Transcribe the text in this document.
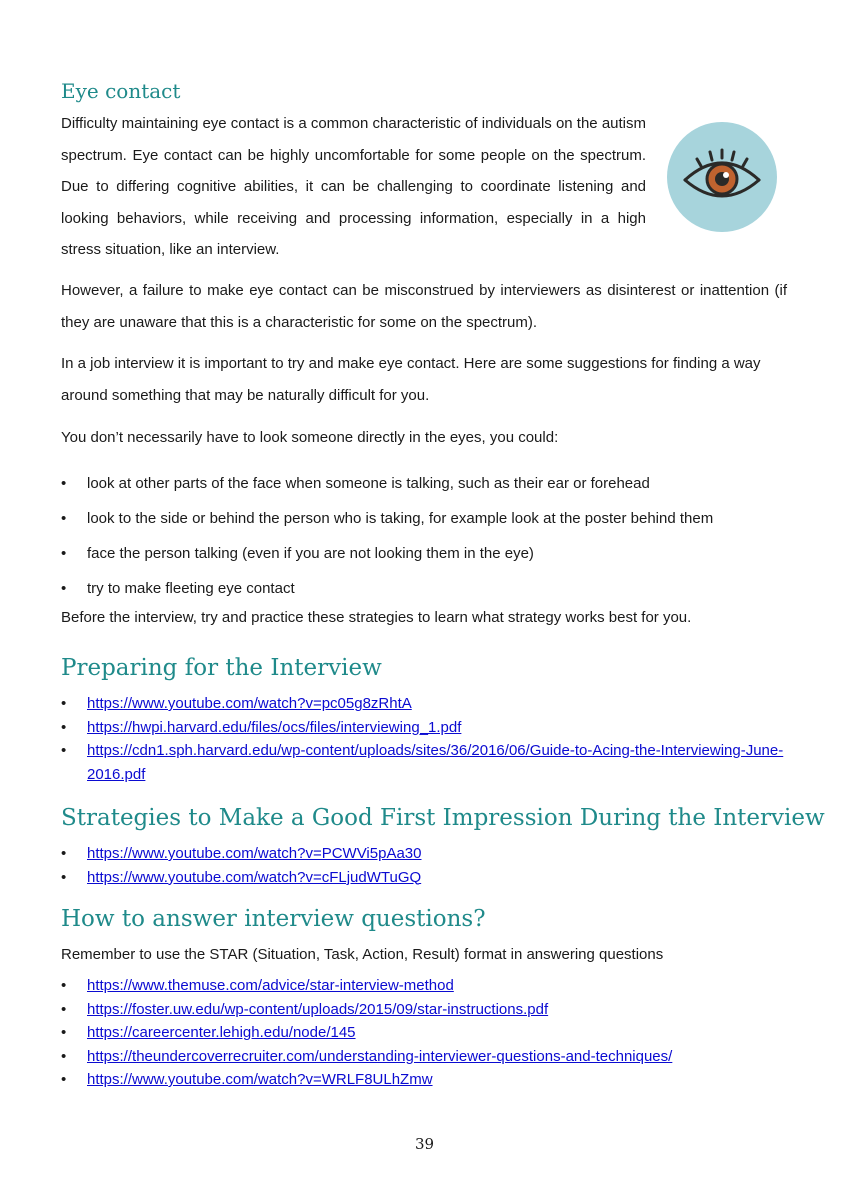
Eye contact

Difficulty maintaining eye contact is a common characteristic of individuals on the autism spectrum. Eye contact can be highly uncomfortable for some people on the spectrum. Due to differing cognitive abilities, it can be challenging to coordinate listening and looking behaviors, while receiving and processing information, especially in a high stress situation, like an interview.

However, a failure to make eye contact can be misconstrued by interviewers as disinterest or inattention (if they are unaware that this is a characteristic for some on the spectrum).

In a job interview it is important to try and make eye contact. Here are some suggestions for finding a way around something that may be naturally difficult for you.

You don’t necessarily have to look someone directly in the eyes, you could:

• look at other parts of the face when someone is talking, such as their ear or forehead
• look to the side or behind the person who is taking, for example look at the poster behind them
• face the person talking (even if you are not looking them in the eye)
• try to make fleeting eye contact

Before the interview, try and practice these strategies to learn what strategy works best for you.

Preparing for the Interview
• https://www.youtube.com/watch?v=pc05g8zRhtA
• https://hwpi.harvard.edu/files/ocs/files/interviewing_1.pdf
• https://cdn1.sph.harvard.edu/wp-content/uploads/sites/36/2016/06/Guide-to-Acing-the-Interviewing-June-2016.pdf
Strategies to Make a Good First Impression During the Interview
• https://www.youtube.com/watch?v=PCWVi5pAa30
• https://www.youtube.com/watch?v=cFLjudWTuGQ
How to answer interview questions?

Remember to use the STAR (Situation, Task, Action, Result) format in answering questions

• https://www.themuse.com/advice/star-interview-method
• https://foster.uw.edu/wp-content/uploads/2015/09/star-instructions.pdf
• https://careercenter.lehigh.edu/node/145
• https://theundercoverrecruiter.com/understanding-interviewer-questions-and-techniques/
• https://www.youtube.com/watch?v=WRLF8ULhZmw

39
